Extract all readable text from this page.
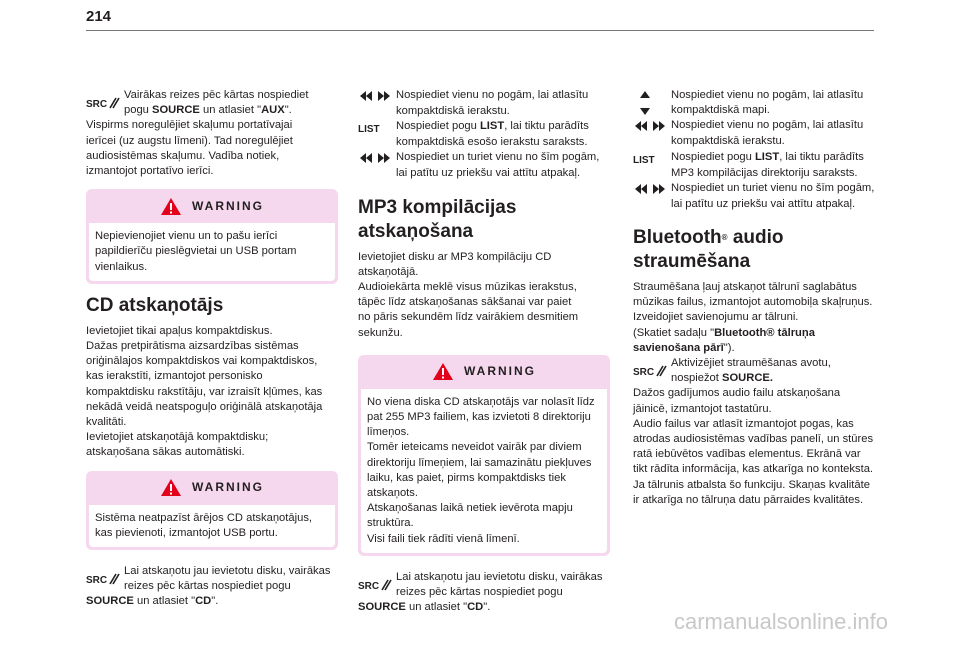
214
SRC

Vairākas reizes pēc kārtas nospiediet

pogu SOURCE un atlasiet "AUX".

Vispirms noregulējiet skaļumu portatīvajai

ierīcei (uz augstu līmeni). Tad noregulējiet

audiosistēmas skaļumu. Vadība notiek,

izmantojot portatīvo ierīci.

WARNING

Nepievienojiet vienu un to pašu ierīci

papildierīču pieslēgvietai un USB portam

vienlaikus.

CD atskaņotājs

Ievietojiet tikai apaļus kompaktdiskus.

Dažas pretpirātisma aizsardzības sistēmas

oriģinālajos kompaktdiskos vai kompaktdiskos,

kas ierakstīti, izmantojot personisko

kompaktdisku rakstītāju, var izraisīt kļūmes, kas

nekādā veidā neatspoguļo oriģinālā atskaņotāja

kvalitāti.

Ievietojiet atskaņotājā kompaktdisku;

atskaņošana sākas automātiski.

WARNING

Sistēma neatpazīst ārējos CD atskaņotājus,

kas pievienoti, izmantojot USB portu.

SRC

Lai atskaņotu jau ievietotu disku, vairākas

reizes pēc kārtas nospiediet pogu

SOURCE un atlasiet "CD".

Nospiediet vienu no pogām, lai atlasītu

kompaktdiskā ierakstu.

LIST Nospiediet pogu LIST, lai tiktu parādīts

kompaktdiskā esošo ierakstu saraksts.

Nospiediet un turiet vienu no šīm pogām,

lai patītu uz priekšu vai attītu atpakaļ.

MP3 kompilācijas
atskaņošana

Ievietojiet disku ar MP3 kompilāciju CD

atskaņotājā.

Audioiekārta meklē visus mūzikas ierakstus,

tāpēc līdz atskaņošanas sākšanai var paiet

no pāris sekundēm līdz vairākiem desmitiem

sekunžu.

WARNING

No viena diska CD atskaņotājs var nolasīt līdz

pat 255 MP3 failiem, kas izvietoti 8 direktoriju

līmeņos.

Tomēr ieteicams neveidot vairāk par diviem

direktoriju līmeņiem, lai samazinātu piekļuves

laiku, kas paiet, pirms kompaktdisks tiek

atskaņots.

Atskaņošanas laikā netiek ievērota mapju

struktūra.

Visi faili tiek rādīti vienā līmenī.

SRC

Lai atskaņotu jau ievietotu disku, vairākas

reizes pēc kārtas nospiediet pogu

SOURCE un atlasiet "CD".

Nospiediet vienu no pogām, lai atlasītu

kompaktdiskā mapi.

Nospiediet vienu no pogām, lai atlasītu

kompaktdiskā ierakstu.

LIST Nospiediet pogu LIST, lai tiktu parādīts

MP3 kompilācijas direktoriju saraksts.

Nospiediet un turiet vienu no šīm pogām,

lai patītu uz priekšu vai attītu atpakaļ.

Bluetooth® audio
straumēšana

Straumēšana ļauj atskaņot tālrunī saglabātus

mūzikas failus, izmantojot automobiļa skaļruņus.

Izveidojiet savienojumu ar tālruni.

(Skatiet sadaļu "Bluetooth® tālruņa

savienošana pārī").

SRC

Aktivizējiet straumēšanas avotu,

nospiežot SOURCE.

Dažos gadījumos audio failu atskaņošana

jāinicē, izmantojot tastatūru.

Audio failus var atlasīt izmantojot pogas, kas

atrodas audiosistēmas vadības panelī, un stūres

ratā iebūvētos vadības elementus. Ekrānā var

tikt rādīta informācija, kas atkarīga no konteksta.

Ja tālrunis atbalsta šo funkciju. Skaņas kvalitāte

ir atkarīga no tālruņa datu pārraides kvalitātes.

carmanualsonline.info
